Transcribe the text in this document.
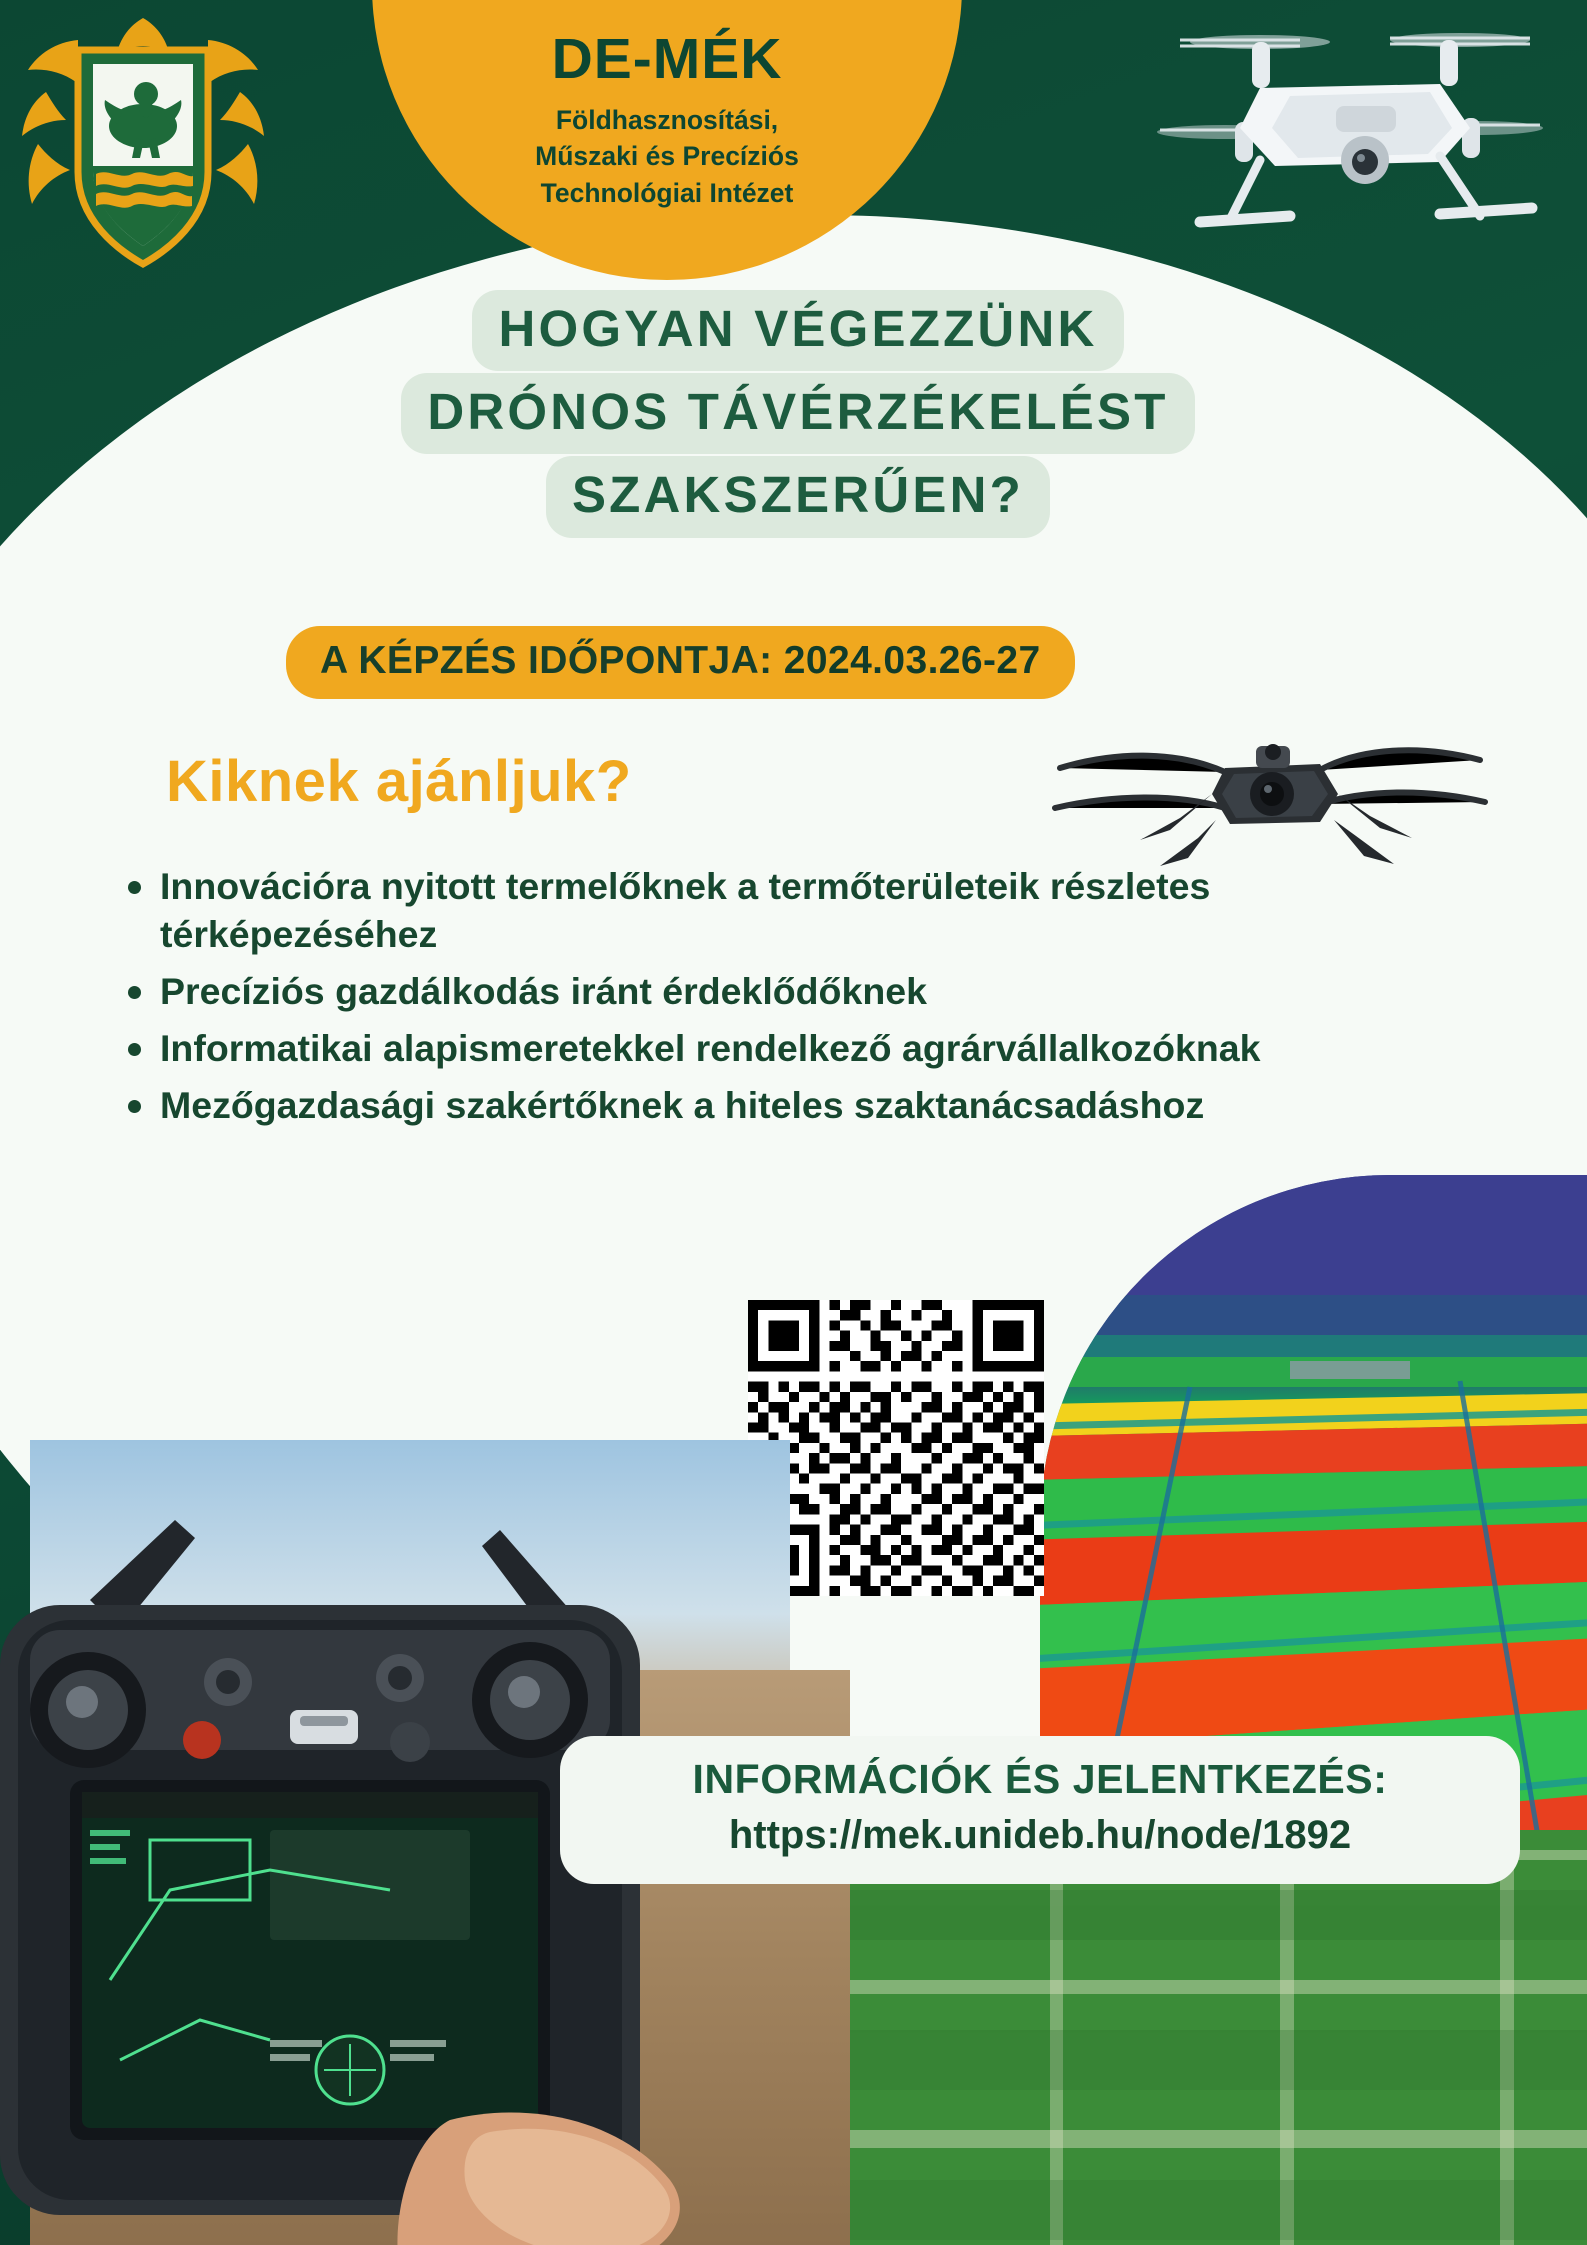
DE-MÉK
Földhasznosítási,
Műszaki és Precíziós
Technológiai Intézet
HOGYAN VÉGEZZÜNK
DRÓNOS TÁVÉRZÉKELÉST
SZAKSZERŰEN?
A KÉPZÉS IDŐPONTJA: 2024.03.26-27
Kiknek ajánljuk?
Innovációra nyitott termelőknek a termőterületeik részletes térképezéséhez
Precíziós gazdálkodás iránt érdeklődőknek
Informatikai alapismeretekkel rendelkező agrárvállalkozóknak
Mezőgazdasági szakértőknek a hiteles szaktanácsadáshoz
INFORMÁCIÓK ÉS JELENTKEZÉS:
https://mek.unideb.hu/node/1892
